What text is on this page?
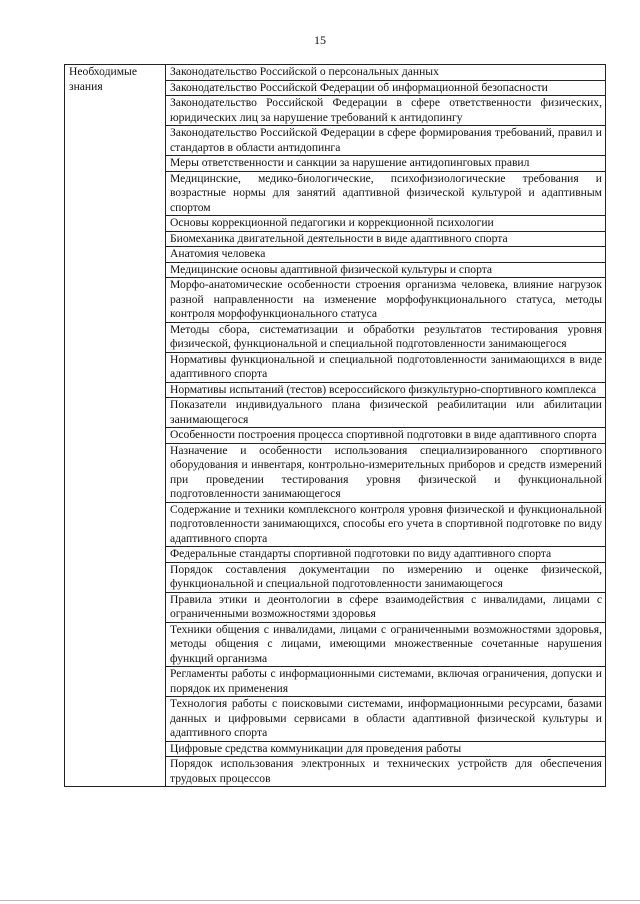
15
Необходимые знания	Законодательство Российской о персональных данных
Законодательство Российской Федерации об информационной безопасности
Законодательство Российской Федерации в сфере ответственности физических, юридических лиц за нарушение требований к антидопингу
Законодательство Российской Федерации в сфере формирования требований, правил и стандартов в области антидопинга
Меры ответственности и санкции за нарушение антидопинговых правил
Медицинские, медико-биологические, психофизиологические требования и возрастные нормы для занятий адаптивной физической культурой и адаптивным спортом
Основы коррекционной педагогики и коррекционной психологии
Биомеханика двигательной деятельности в виде адаптивного спорта
Анатомия человека
Медицинские основы адаптивной физической культуры и спорта
Морфо-анатомические особенности строения организма человека, влияние нагрузок разной направленности на изменение морфофункционального статуса, методы контроля морфофункционального статуса
Методы сбора, систематизации и обработки результатов тестирования уровня физической, функциональной и специальной подготовленности занимающегося
Нормативы функциональной и специальной подготовленности занимающихся в виде адаптивного спорта
Нормативы испытаний (тестов) всероссийского физкультурно-спортивного комплекса
Показатели индивидуального плана физической реабилитации или абилитации занимающегося
Особенности построения процесса спортивной подготовки в виде адаптивного спорта
Назначение и особенности использования специализированного спортивного оборудования и инвентаря, контрольно-измерительных приборов и средств измерений при проведении тестирования уровня физической и функциональной подготовленности занимающегося
Содержание и техники комплексного контроля уровня физической и функциональной подготовленности занимающихся, способы его учета в спортивной подготовке по виду адаптивного спорта
Федеральные стандарты спортивной подготовки по виду адаптивного спорта
Порядок составления документации по измерению и оценке физической, функциональной и специальной подготовленности занимающегося
Правила этики и деонтологии в сфере взаимодействия с инвалидами, лицами с ограниченными возможностями здоровья
Техники общения с инвалидами, лицами с ограниченными возможностями здоровья, методы общения с лицами, имеющими множественные сочетанные нарушения функций организма
Регламенты работы с информационными системами, включая ограничения, допуски и порядок их применения
Технология работы с поисковыми системами, информационными ресурсами, базами данных и цифровыми сервисами в области адаптивной физической культуры и адаптивного спорта
Цифровые средства коммуникации для проведения работы
Порядок использования электронных и технических устройств для обеспечения трудовых процессов
